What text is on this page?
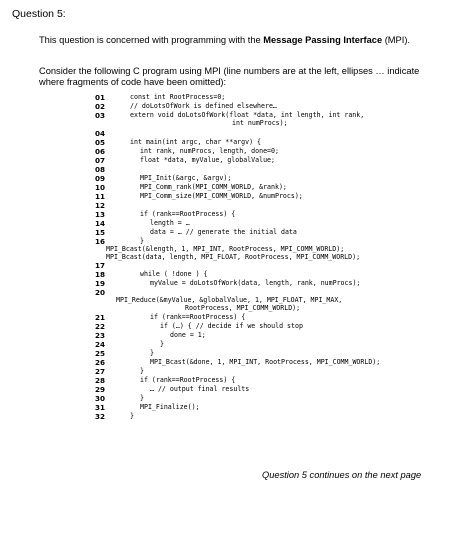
Question 5:
This question is concerned with programming with the Message Passing Interface (MPI).
Consider the following C program using MPI (line numbers are at the left, ellipses … indicate where fragments of code have been omitted):
01	const int RootProcess=0;
02	// doLotsOfWork is defined elsewhere…
03	extern void doLotsOfWork(float *data, int length, int rank,
int numProcs);
04
05	int main(int argc, char **argv) {
06	int rank, numProcs, length, done=0;
07	float *data, myValue, globalValue;
08
09	MPI_Init(&argc, &argv);
10	MPI_Comm_rank(MPI_COMM_WORLD, &rank);
11	MPI_Comm_size(MPI_COMM_WORLD, &numProcs);
12
13	if (rank==RootProcess) {
14	length = …
15	data = … // generate the initial data
16	}
MPI_Bcast(&length, 1, MPI_INT, RootProcess, MPI_COMM_WORLD);
MPI_Bcast(data, length, MPI_FLOAT, RootProcess, MPI_COMM_WORLD);
17
18	while ( !done ) {
19	myValue = doLotsOfWork(data, length, rank, numProcs);
20
MPI_Reduce(&myValue, &globalValue, 1, MPI_FLOAT, MPI_MAX,
RootProcess, MPI_COMM_WORLD);
21	if (rank==RootProcess) {
22	if (…) { // decide if we should stop
23	done = 1;
24	}
25	}
26	MPI_Bcast(&done, 1, MPI_INT, RootProcess, MPI_COMM_WORLD);
27	}
28	if (rank==RootProcess) {
29	… // output final results
30	}
31	MPI_Finalize();
32	}
Question 5 continues on the next page
